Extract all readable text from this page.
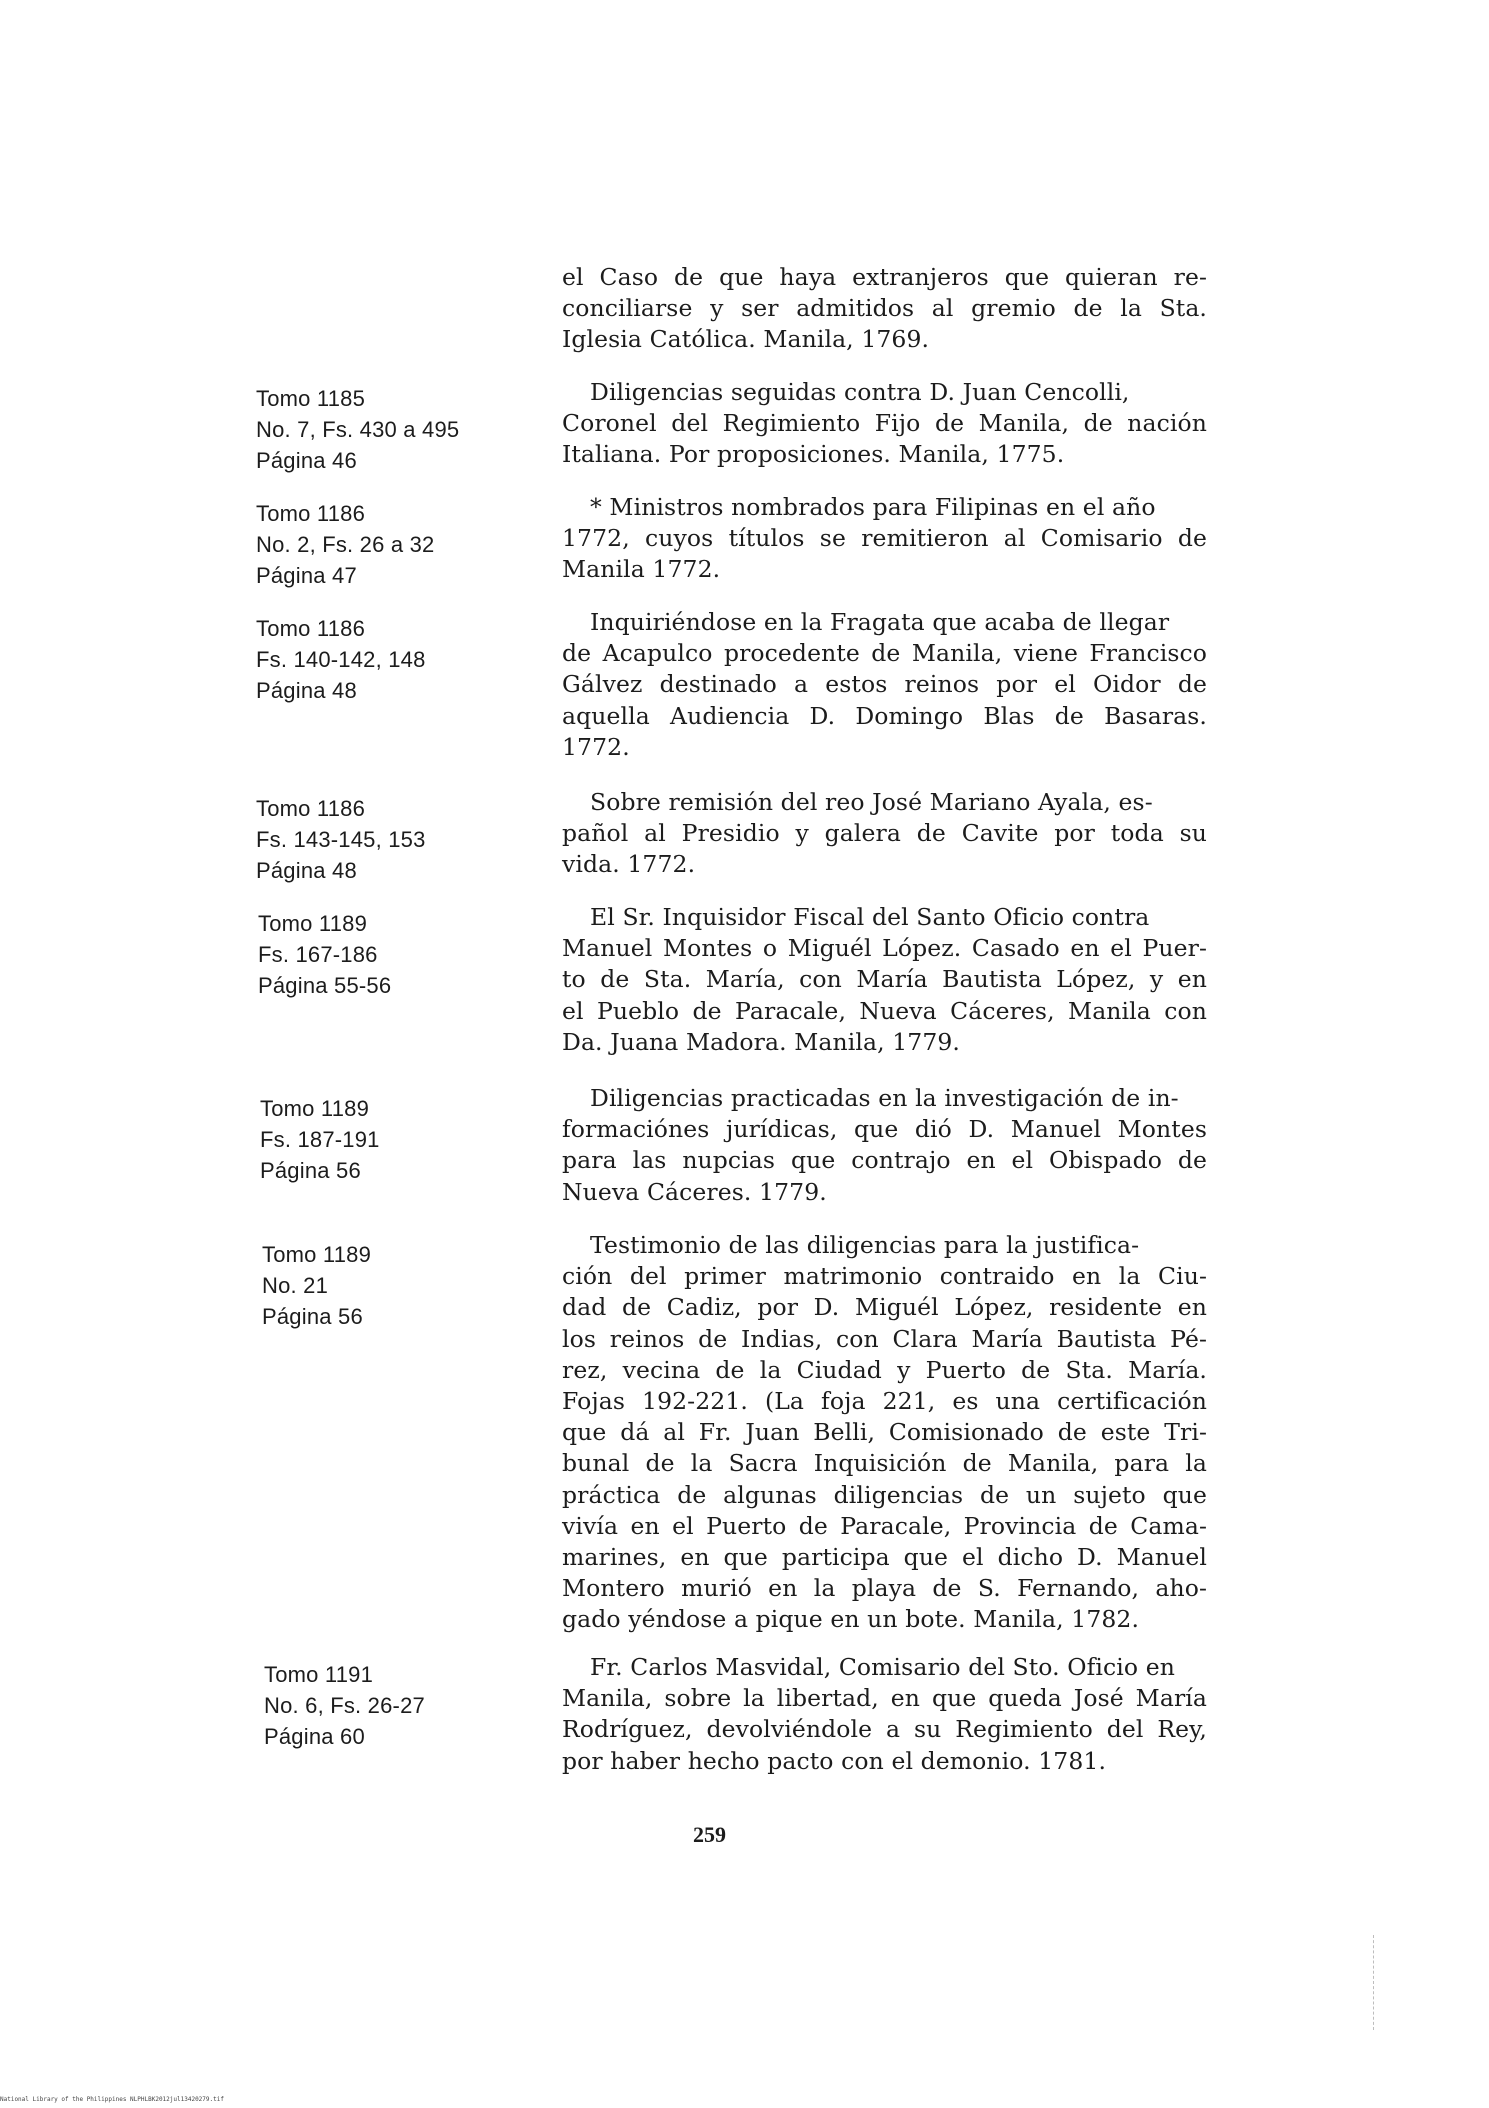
el Caso de que haya extranjeros que quieran re-
conciliarse y ser admitidos al gremio de la Sta.
Iglesia Católica. Manila, 1769.
Tomo 1185
No. 7, Fs. 430 a 495
Página 46
Diligencias seguidas contra D. Juan Cencolli,
Coronel del Regimiento Fijo de Manila, de nación
Italiana. Por proposiciones. Manila, 1775.
Tomo 1186
No. 2, Fs. 26 a 32
Página 47
* Ministros nombrados para Filipinas en el año
1772, cuyos títulos se remitieron al Comisario de
Manila 1772.
Tomo 1186
Fs. 140-142, 148
Página 48
Inquiriéndose en la Fragata que acaba de llegar
de Acapulco procedente de Manila, viene Francisco
Gálvez destinado a estos reinos por el Oidor de
aquella Audiencia D. Domingo Blas de Basaras.
1772.
Tomo 1186
Fs. 143-145, 153
Página 48
Sobre remisión del reo José Mariano Ayala, es-
pañol al Presidio y galera de Cavite por toda su
vida. 1772.
Tomo 1189
Fs. 167-186
Página 55-56
El Sr. Inquisidor Fiscal del Santo Oficio contra
Manuel Montes o Miguél López. Casado en el Puer-
to de Sta. María, con María Bautista López, y en
el Pueblo de Paracale, Nueva Cáceres, Manila con
Da. Juana Madora. Manila, 1779.
Tomo 1189
Fs. 187-191
Página 56
Diligencias practicadas en la investigación de in-
formaciónes jurídicas, que dió D. Manuel Montes
para las nupcias que contrajo en el Obispado de
Nueva Cáceres. 1779.
Tomo 1189
No. 21
Página 56
Testimonio de las diligencias para la justifica-
ción del primer matrimonio contraido en la Ciu-
dad de Cadiz, por D. Miguél López, residente en
los reinos de Indias, con Clara María Bautista Pé-
rez, vecina de la Ciudad y Puerto de Sta. María.
Fojas 192-221. (La foja 221, es una certificación
que dá al Fr. Juan Belli, Comisionado de este Tri-
bunal de la Sacra Inquisición de Manila, para la
práctica de algunas diligencias de un sujeto que
vivía en el Puerto de Paracale, Provincia de Cama-
marines, en que participa que el dicho D. Manuel
Montero murió en la playa de S. Fernando, aho-
gado yéndose a pique en un bote. Manila, 1782.
Tomo 1191
No. 6, Fs. 26-27
Página 60
Fr. Carlos Masvidal, Comisario del Sto. Oficio en
Manila, sobre la libertad, en que queda José María
Rodríguez, devolviéndole a su Regimiento del Rey,
por haber hecho pacto con el demonio. 1781.
259
National Library of the Philippines NLPHLBK2012jul13420279.tif
